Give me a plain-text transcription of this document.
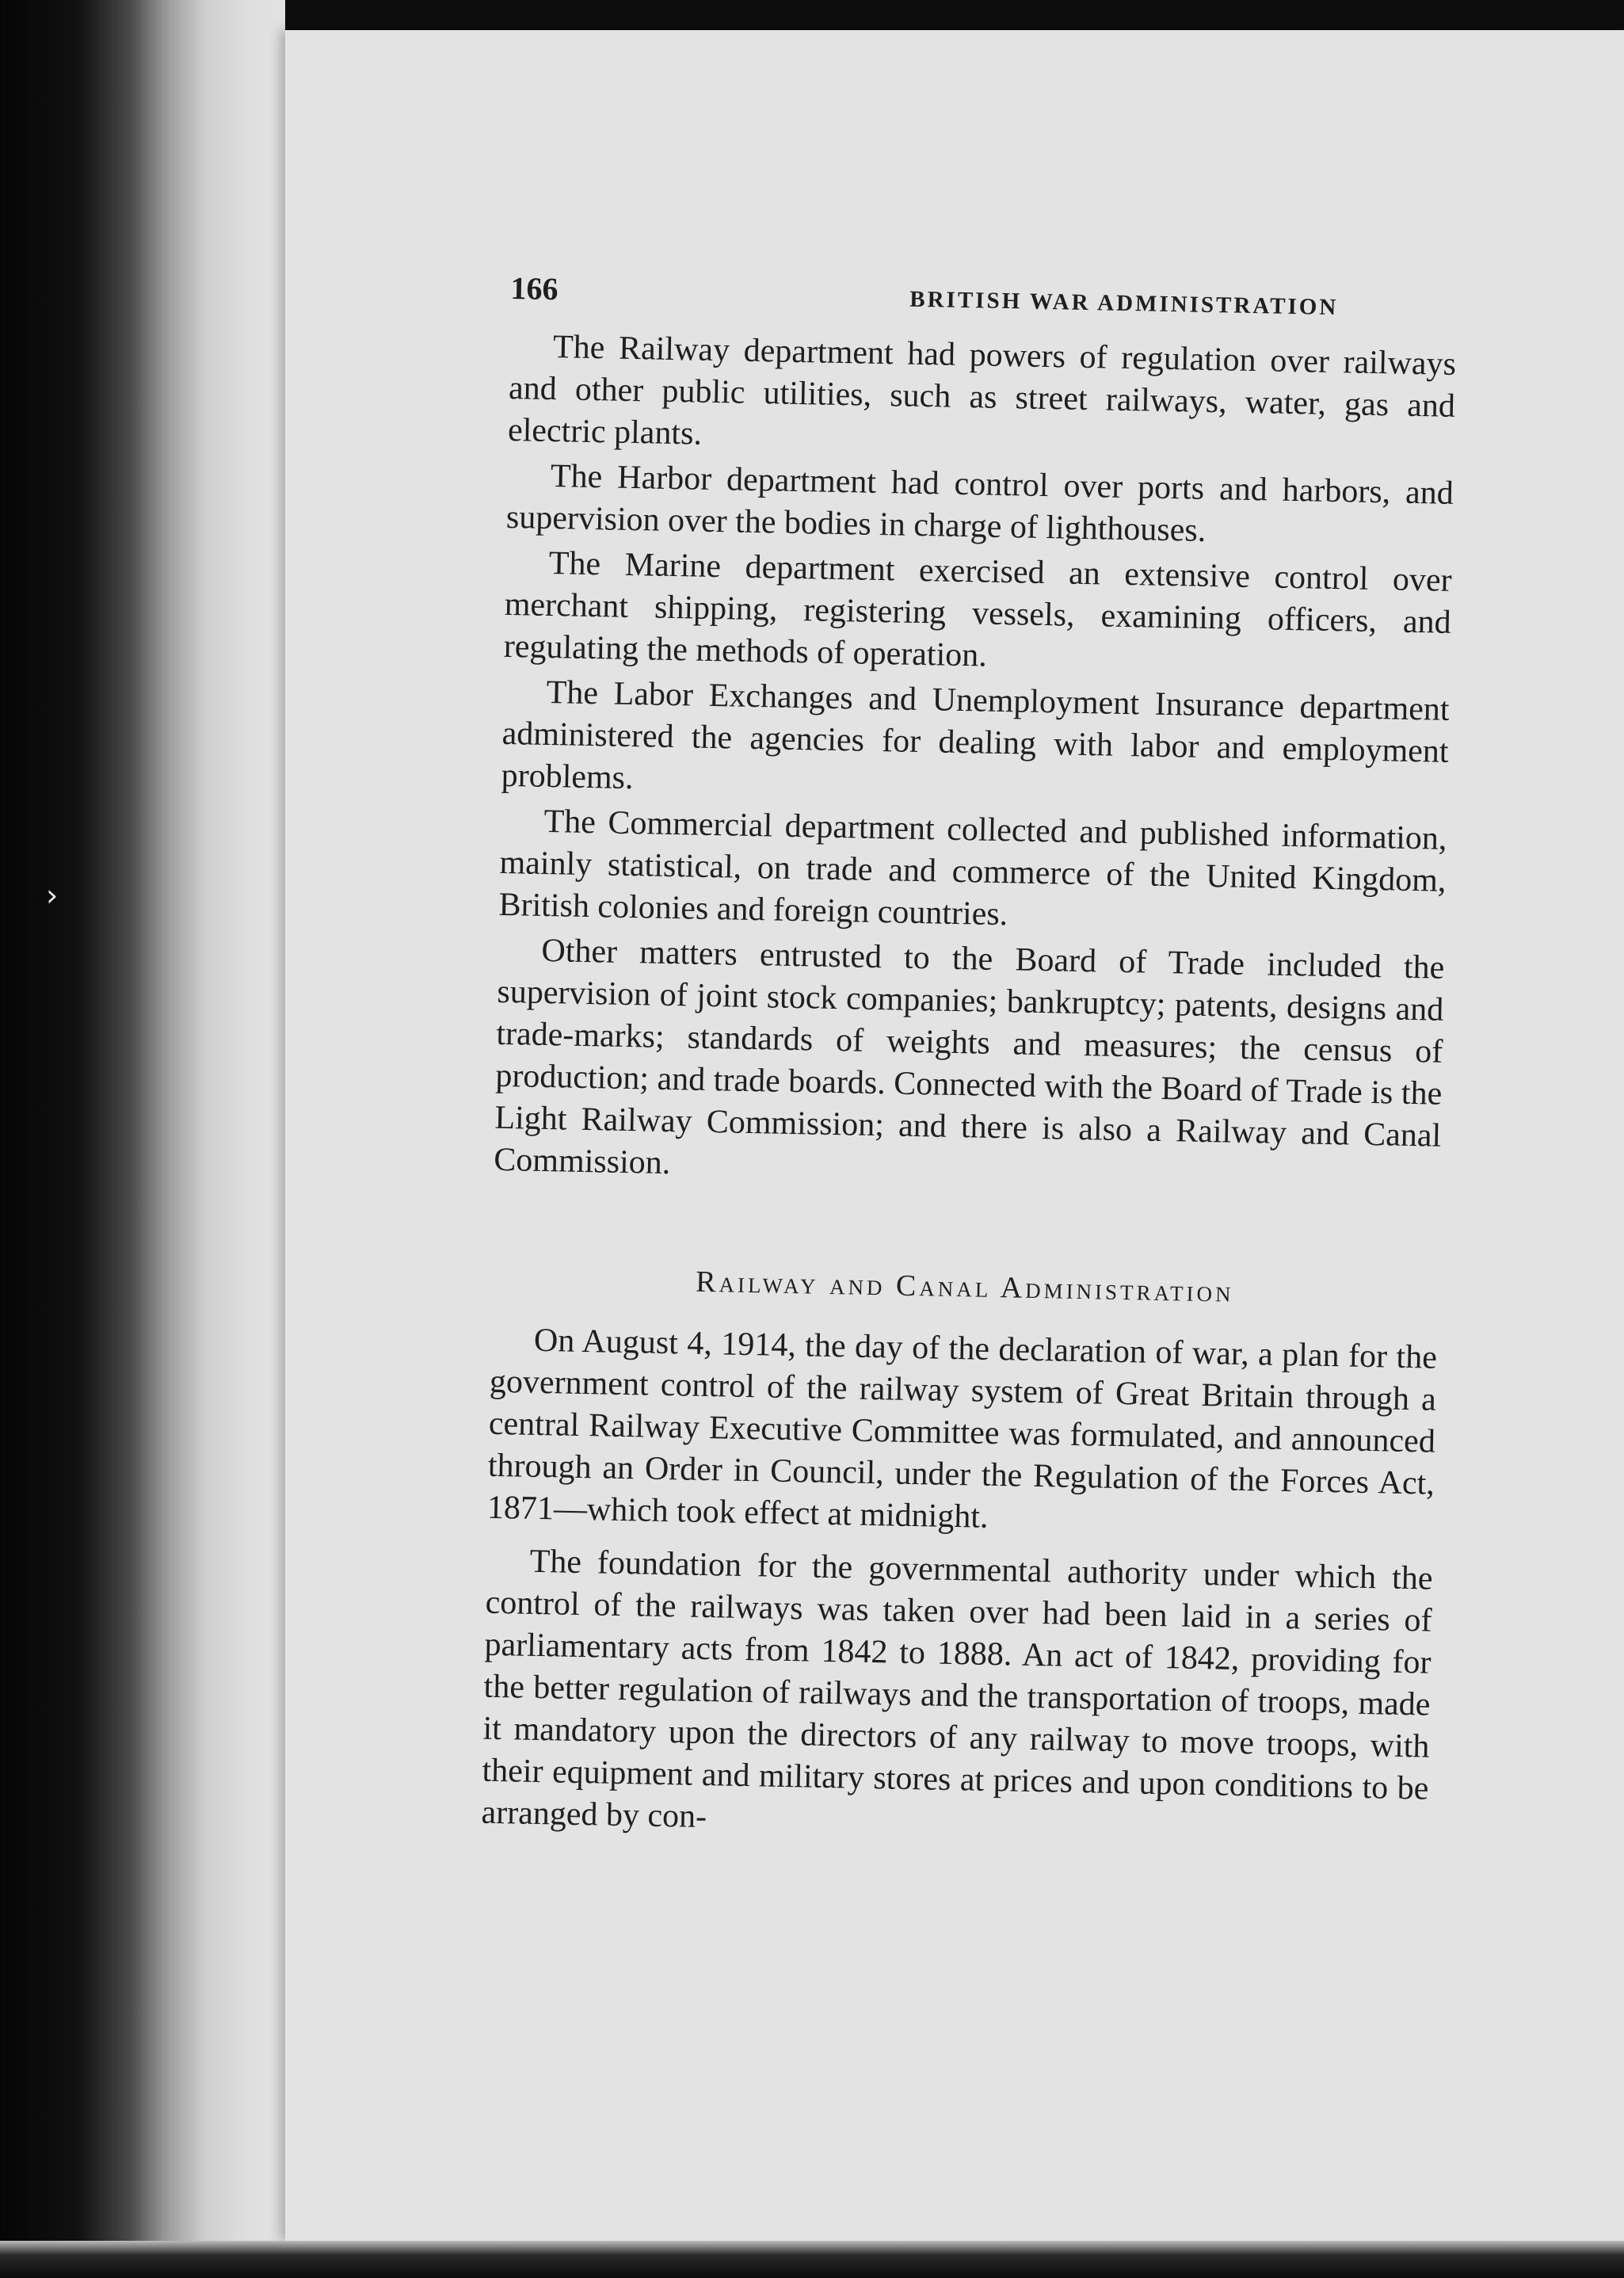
›
166	BRITISH WAR ADMINISTRATION

The Railway department had powers of regulation over railways and other public utilities, such as street railways, water, gas and electric plants.

The Harbor department had control over ports and harbors, and supervision over the bodies in charge of lighthouses.

The Marine department exercised an extensive control over merchant shipping, registering vessels, examining officers, and regulating the methods of operation.

The Labor Exchanges and Unemployment Insurance department administered the agencies for dealing with labor and employment problems.

The Commercial department collected and published information, mainly statistical, on trade and commerce of the United Kingdom, British colonies and foreign countries.

Other matters entrusted to the Board of Trade included the supervision of joint stock companies; bankruptcy; patents, designs and trade-marks; standards of weights and measures; the census of production; and trade boards. Connected with the Board of Trade is the Light Railway Commission; and there is also a Railway and Canal Commission.

Railway and Canal Administration

On August 4, 1914, the day of the declaration of war, a plan for the government control of the railway system of Great Britain through a central Railway Executive Committee was formulated, and announced through an Order in Council, under the Regulation of the Forces Act, 1871—which took effect at midnight.

The foundation for the governmental authority under which the control of the railways was taken over had been laid in a series of parliamentary acts from 1842 to 1888. An act of 1842, providing for the better regulation of railways and the transportation of troops, made it mandatory upon the directors of any railway to move troops, with their equipment and military stores at prices and upon conditions to be arranged by con-
